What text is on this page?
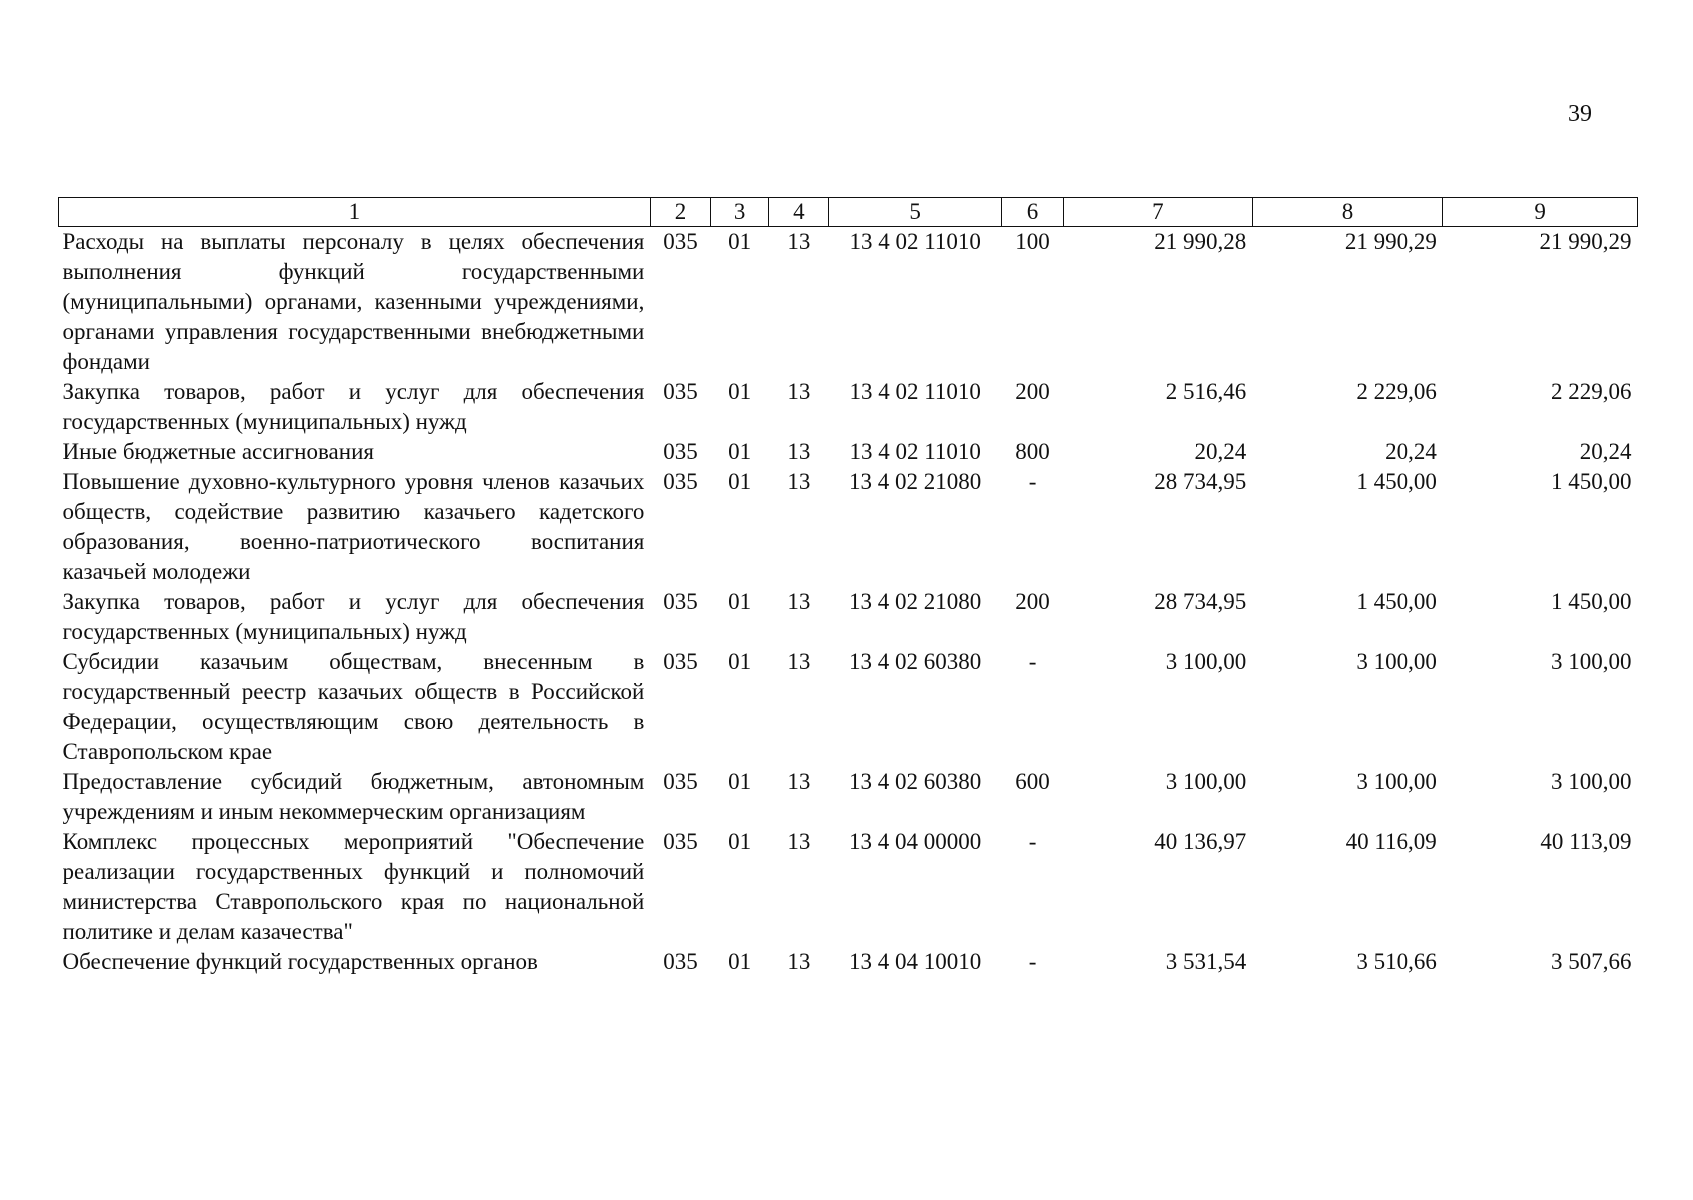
39
1	2	3	4	5	6	7	8	9
Расходы на выплаты персоналу в целях обеспечения выполнения функций государственными (муниципальными) органами, казенными учреждениями, органами управления государственными внебюджетными фондами	035	01	13	13 4 02 11010	100	21 990,28	21 990,29	21 990,29
Закупка товаров, работ и услуг для обеспечения государственных (муниципальных) нужд	035	01	13	13 4 02 11010	200	2 516,46	2 229,06	2 229,06
Иные бюджетные ассигнования	035	01	13	13 4 02 11010	800	20,24	20,24	20,24
Повышение духовно-культурного уровня членов казачьих обществ, содействие развитию казачьего кадетского образования, военно-патриотического воспитания казачьей молодежи	035	01	13	13 4 02 21080	-	28 734,95	1 450,00	1 450,00
Закупка товаров, работ и услуг для обеспечения государственных (муниципальных) нужд	035	01	13	13 4 02 21080	200	28 734,95	1 450,00	1 450,00
Субсидии казачьим обществам, внесенным в государственный реестр казачьих обществ в Российской Федерации, осуществляющим свою деятельность в Ставропольском крае	035	01	13	13 4 02 60380	-	3 100,00	3 100,00	3 100,00
Предоставление субсидий бюджетным, автономным учреждениям и иным некоммерческим организациям	035	01	13	13 4 02 60380	600	3 100,00	3 100,00	3 100,00
Комплекс процессных мероприятий "Обеспечение реализации государственных функций и полномочий министерства Ставропольского края по национальной политике и делам казачества"	035	01	13	13 4 04 00000	-	40 136,97	40 116,09	40 113,09
Обеспечение функций государственных органов	035	01	13	13 4 04 10010	-	3 531,54	3 510,66	3 507,66
